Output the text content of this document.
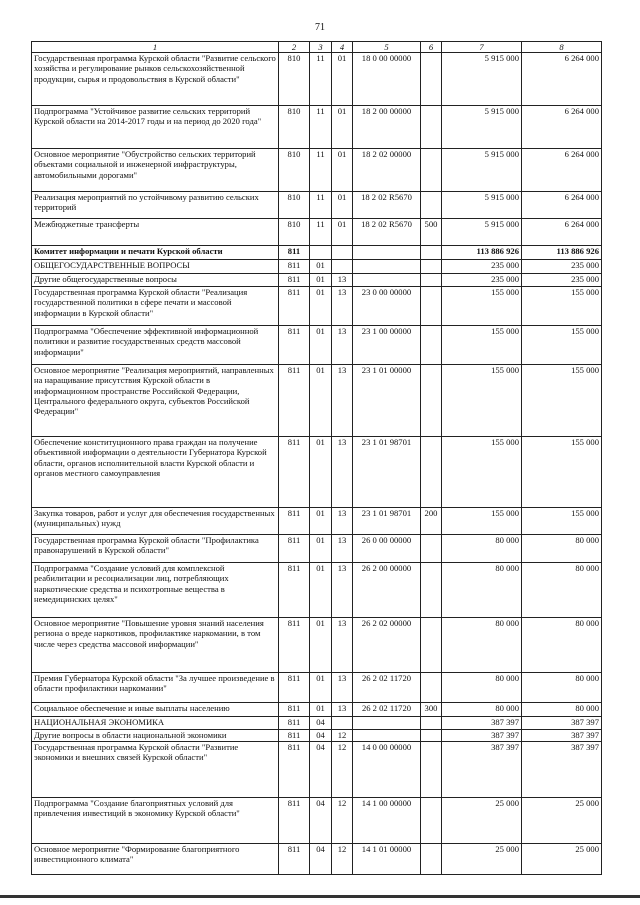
71
1	2	3	4	5	6	7	8
Государственная программа Курской области "Развитие сельского хозяйства и регулирование рынков сельскохозяйственной продукции, сырья и продовольствия в Курской области"	810	11	01	18 0 00 00000		5 915 000	6 264 000
Подпрограмма "Устойчивое развитие сельских территорий Курской области на 2014-2017 годы и на период до 2020 года"	810	11	01	18 2 00 00000		5 915 000	6 264 000
Основное мероприятие "Обустройство сельских территорий объектами социальной и инженерной инфраструктуры, автомобильными дорогами"	810	11	01	18 2 02 00000		5 915 000	6 264 000
Реализация мероприятий по устойчивому развитию сельских территорий	810	11	01	18 2 02 R5670		5 915 000	6 264 000
Межбюджетные трансферты	810	11	01	18 2 02 R5670	500	5 915 000	6 264 000
Комитет информации и печати Курской области	811					113 886 926	113 886 926
ОБЩЕГОСУДАРСТВЕННЫЕ ВОПРОСЫ	811	01				235 000	235 000
Другие общегосударственные вопросы	811	01	13			235 000	235 000
Государственная программа Курской области "Реализация государственной политики в сфере печати и массовой информации в Курской области"	811	01	13	23 0 00 00000		155 000	155 000
Подпрограмма "Обеспечение эффективной информационной политики и развитие государственных средств массовой информации"	811	01	13	23 1 00 00000		155 000	155 000
Основное мероприятие "Реализация мероприятий, направленных на наращивание присутствия Курской области в информационном пространстве Российской Федерации, Центрального федерального округа, субъектов Российской Федерации"	811	01	13	23 1 01 00000		155 000	155 000
Обеспечение конституционного права граждан на получение объективной информации о деятельности Губернатора Курской области, органов исполнительной власти Курской области и органов местного самоуправления	811	01	13	23 1 01 98701		155 000	155 000
Закупка товаров, работ и услуг для обеспечения государственных (муниципальных) нужд	811	01	13	23 1 01 98701	200	155 000	155 000
Государственная программа Курской области "Профилактика правонарушений в Курской области"	811	01	13	26 0 00 00000		80 000	80 000
Подпрограмма "Создание условий для комплексной реабилитации и ресоциализации лиц, потребляющих наркотические средства и психотропные вещества в немедицинских целях"	811	01	13	26 2 00 00000		80 000	80 000
Основное мероприятие "Повышение уровня знаний населения региона о вреде наркотиков, профилактике наркомании, в том числе через средства массовой информации"	811	01	13	26 2 02 00000		80 000	80 000
Премия Губернатора Курской области "За лучшее произведение в области профилактики наркомании"	811	01	13	26 2 02 11720		80 000	80 000
Социальное обеспечение и иные выплаты населению	811	01	13	26 2 02 11720	300	80 000	80 000
НАЦИОНАЛЬНАЯ ЭКОНОМИКА	811	04				387 397	387 397
Другие вопросы в области национальной экономики	811	04	12			387 397	387 397
Государственная программа Курской области "Развитие экономики и внешних связей Курской области"	811	04	12	14 0 00 00000		387 397	387 397
Подпрограмма "Создание благоприятных условий для привлечения инвестиций в экономику Курской области"	811	04	12	14 1 00 00000		25 000	25 000
Основное мероприятие "Формирование благоприятного инвестиционного климата"	811	04	12	14 1 01 00000		25 000	25 000
